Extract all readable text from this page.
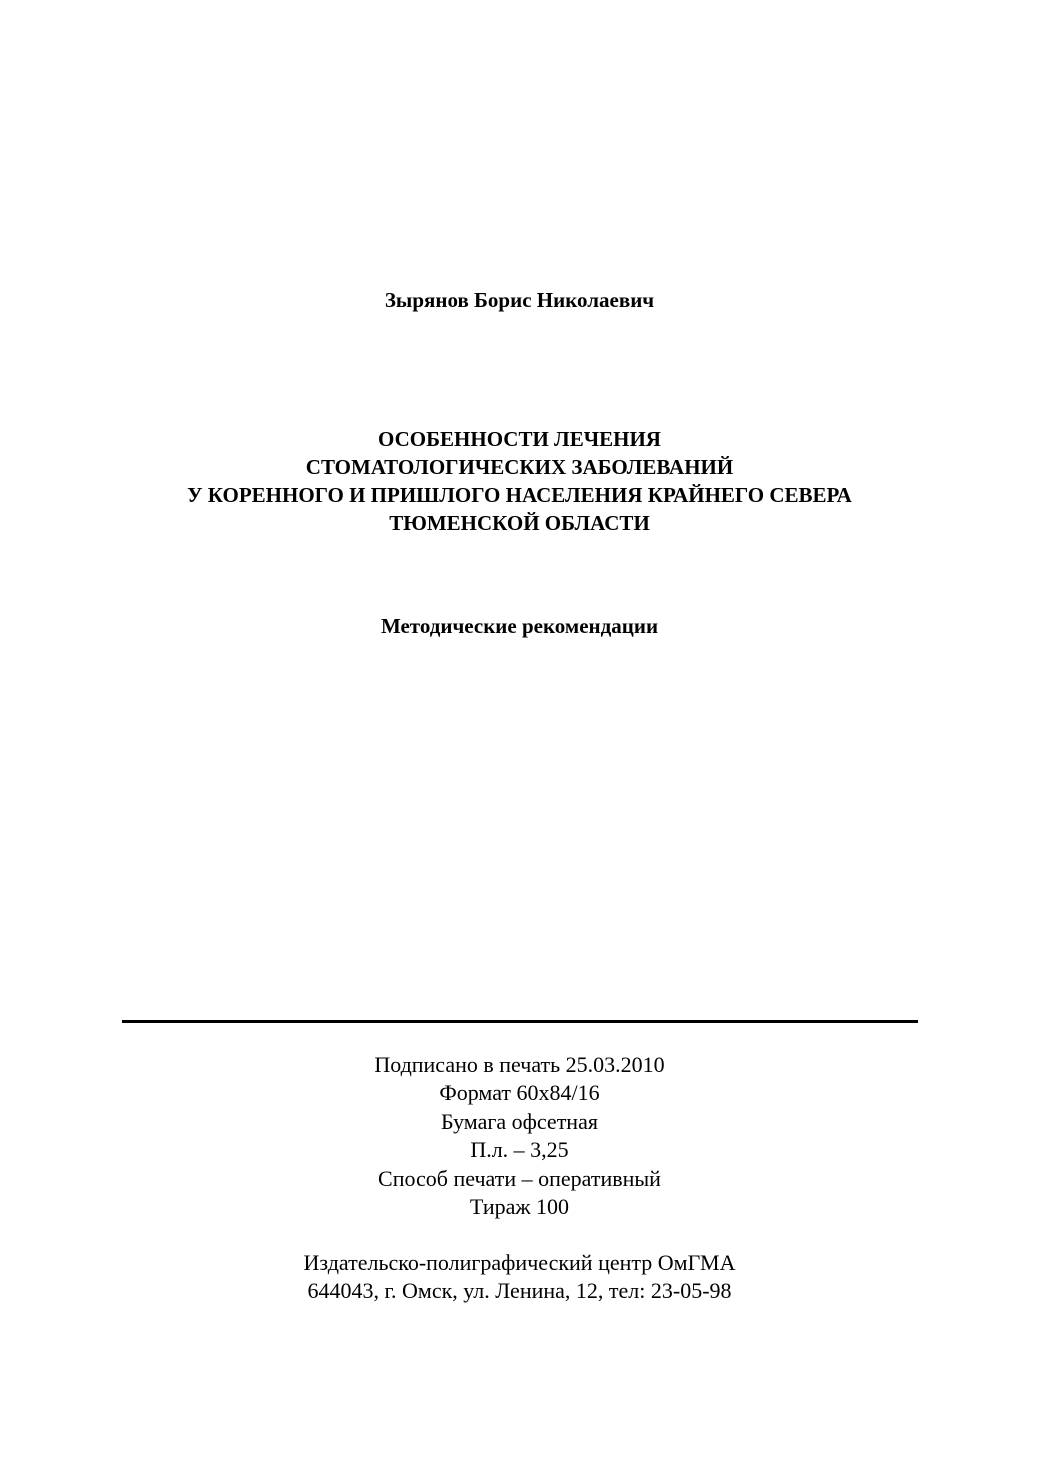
Зырянов Борис Николаевич
ОСОБЕННОСТИ ЛЕЧЕНИЯ
СТОМАТОЛОГИЧЕСКИХ ЗАБОЛЕВАНИЙ
У КОРЕННОГО И ПРИШЛОГО НАСЕЛЕНИЯ КРАЙНЕГО СЕВЕРА
ТЮМЕНСКОЙ ОБЛАСТИ
Методические рекомендации
Подписано в печать 25.03.2010
Формат 60х84/16
Бумага офсетная
П.л. – 3,25
Способ печати – оперативный
Тираж 100
Издательско-полиграфический центр ОмГМА
644043, г. Омск, ул. Ленина, 12, тел: 23-05-98
